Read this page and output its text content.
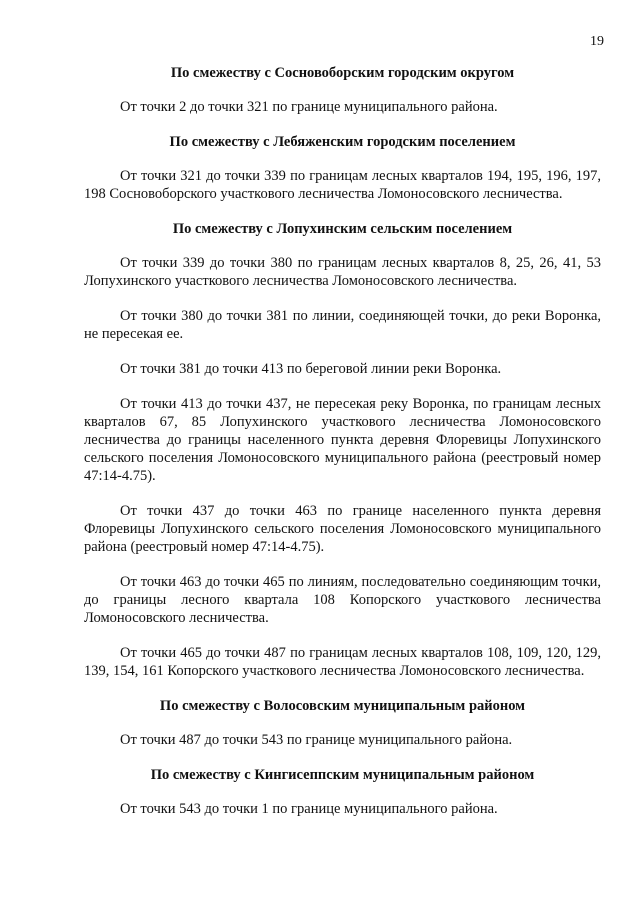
19
По смежеству с Сосновоборским городским округом
От точки 2 до точки 321 по границе муниципального района.
По смежеству с Лебяженским городским поселением
От точки 321 до точки 339 по границам лесных кварталов 194, 195, 196, 197, 198 Сосновоборского участкового лесничества Ломоносовского лесничества.
По смежеству с Лопухинским сельским поселением
От точки 339 до точки 380 по границам лесных кварталов 8, 25, 26, 41, 53 Лопухинского участкового лесничества Ломоносовского лесничества.
От точки 380 до точки 381 по линии, соединяющей точки, до реки Воронка, не пересекая ее.
От точки 381 до точки 413 по береговой линии реки Воронка.
От точки 413 до точки 437, не пересекая реку Воронка, по границам лесных кварталов 67, 85 Лопухинского участкового лесничества Ломоносовского лесничества до границы населенного пункта деревня Флоревицы Лопухинского сельского поселения Ломоносовского муниципального района (реестровый номер 47:14-4.75).
От точки 437 до точки 463 по границе населенного пункта деревня Флоревицы Лопухинского сельского поселения Ломоносовского муниципального района (реестровый номер 47:14-4.75).
От точки 463 до точки 465 по линиям, последовательно соединяющим точки, до границы лесного квартала 108 Копорского участкового лесничества Ломоносовского лесничества.
От точки 465 до точки 487 по границам лесных кварталов 108, 109, 120, 129, 139, 154, 161 Копорского участкового лесничества Ломоносовского лесничества.
По смежеству с Волосовским муниципальным районом
От точки 487 до точки 543 по границе муниципального района.
По смежеству с Кингисеппским муниципальным районом
От точки 543 до точки 1 по границе муниципального района.
